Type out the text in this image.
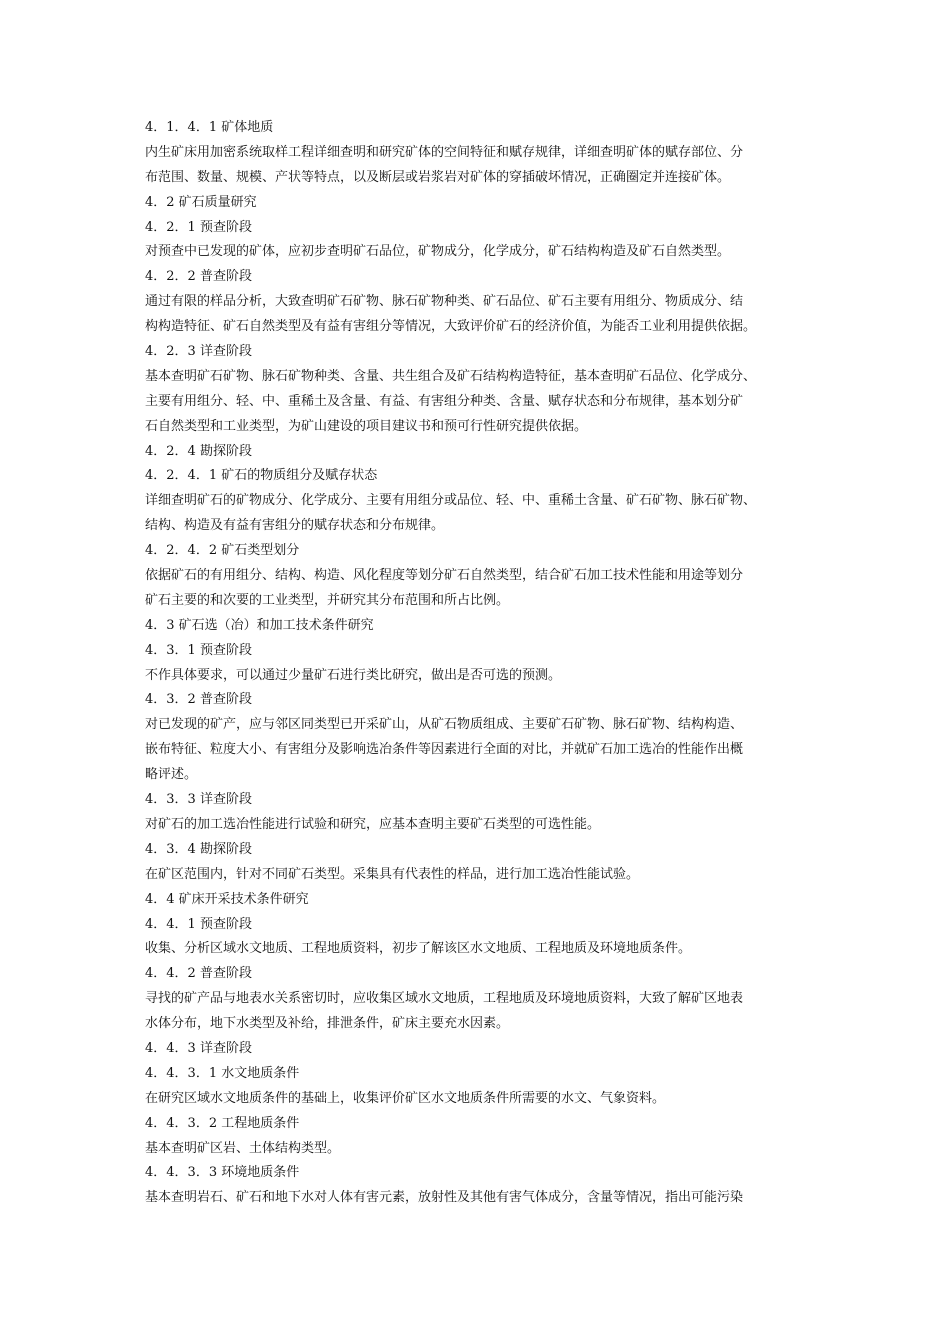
4．1．4．1 矿体地质
内生矿床用加密系统取样工程详细查明和研究矿体的空间特征和赋存规律，详细查明矿体的赋存部位、分
布范围、数量、规模、产状等特点，以及断层或岩浆岩对矿体的穿插破坏情况，正确圈定并连接矿体。
4．2 矿石质量研究
4．2．1 预查阶段
对预查中已发现的矿体，应初步查明矿石品位，矿物成分，化学成分，矿石结构构造及矿石自然类型。
4．2．2 普查阶段
通过有限的样品分析，大致查明矿石矿物、脉石矿物种类、矿石品位、矿石主要有用组分、物质成分、结
构构造特征、矿石自然类型及有益有害组分等情况，大致评价矿石的经济价值，为能否工业利用提供依据。
4．2．3 详查阶段
基本查明矿石矿物、脉石矿物种类、含量、共生组合及矿石结构构造特征，基本查明矿石品位、化学成分、
主要有用组分、轻、中、重稀土及含量、有益、有害组分种类、含量、赋存状态和分布规律，基本划分矿
石自然类型和工业类型，为矿山建设的项目建议书和预可行性研究提供依据。
4．2．4 勘探阶段
4．2．4．1 矿石的物质组分及赋存状态
详细查明矿石的矿物成分、化学成分、主要有用组分或品位、轻、中、重稀土含量、矿石矿物、脉石矿物、
结构、构造及有益有害组分的赋存状态和分布规律。
4．2．4．2 矿石类型划分
依据矿石的有用组分、结构、构造、风化程度等划分矿石自然类型，结合矿石加工技术性能和用途等划分
矿石主要的和次要的工业类型，并研究其分布范围和所占比例。
4．3 矿石选（冶）和加工技术条件研究
4．3．1 预查阶段
不作具体要求，可以通过少量矿石进行类比研究，做出是否可选的预测。
4．3．2 普查阶段
对已发现的矿产，应与邻区同类型已开采矿山，从矿石物质组成、主要矿石矿物、脉石矿物、结构构造、
嵌布特征、粒度大小、有害组分及影响选冶条件等因素进行全面的对比，并就矿石加工选冶的性能作出概
略评述。
4．3．3 详查阶段
对矿石的加工选冶性能进行试验和研究，应基本查明主要矿石类型的可选性能。
4．3．4 勘探阶段
在矿区范围内，针对不同矿石类型。采集具有代表性的样品，进行加工选冶性能试验。
4．4 矿床开采技术条件研究
4．4．1 预查阶段
收集、分析区域水文地质、工程地质资料，初步了解该区水文地质、工程地质及环境地质条件。
4．4．2 普查阶段
寻找的矿产品与地表水关系密切时，应收集区域水文地质，工程地质及环境地质资料，大致了解矿区地表
水体分布，地下水类型及补给，排泄条件，矿床主要充水因素。
4．4．3 详查阶段
4．4．3．1 水文地质条件
在研究区域水文地质条件的基础上，收集评价矿区水文地质条件所需要的水文、气象资料。
4．4．3．2 工程地质条件
基本查明矿区岩、土体结构类型。
4．4．3．3 环境地质条件
基本查明岩石、矿石和地下水对人体有害元素，放射性及其他有害气体成分，含量等情况，指出可能污染
